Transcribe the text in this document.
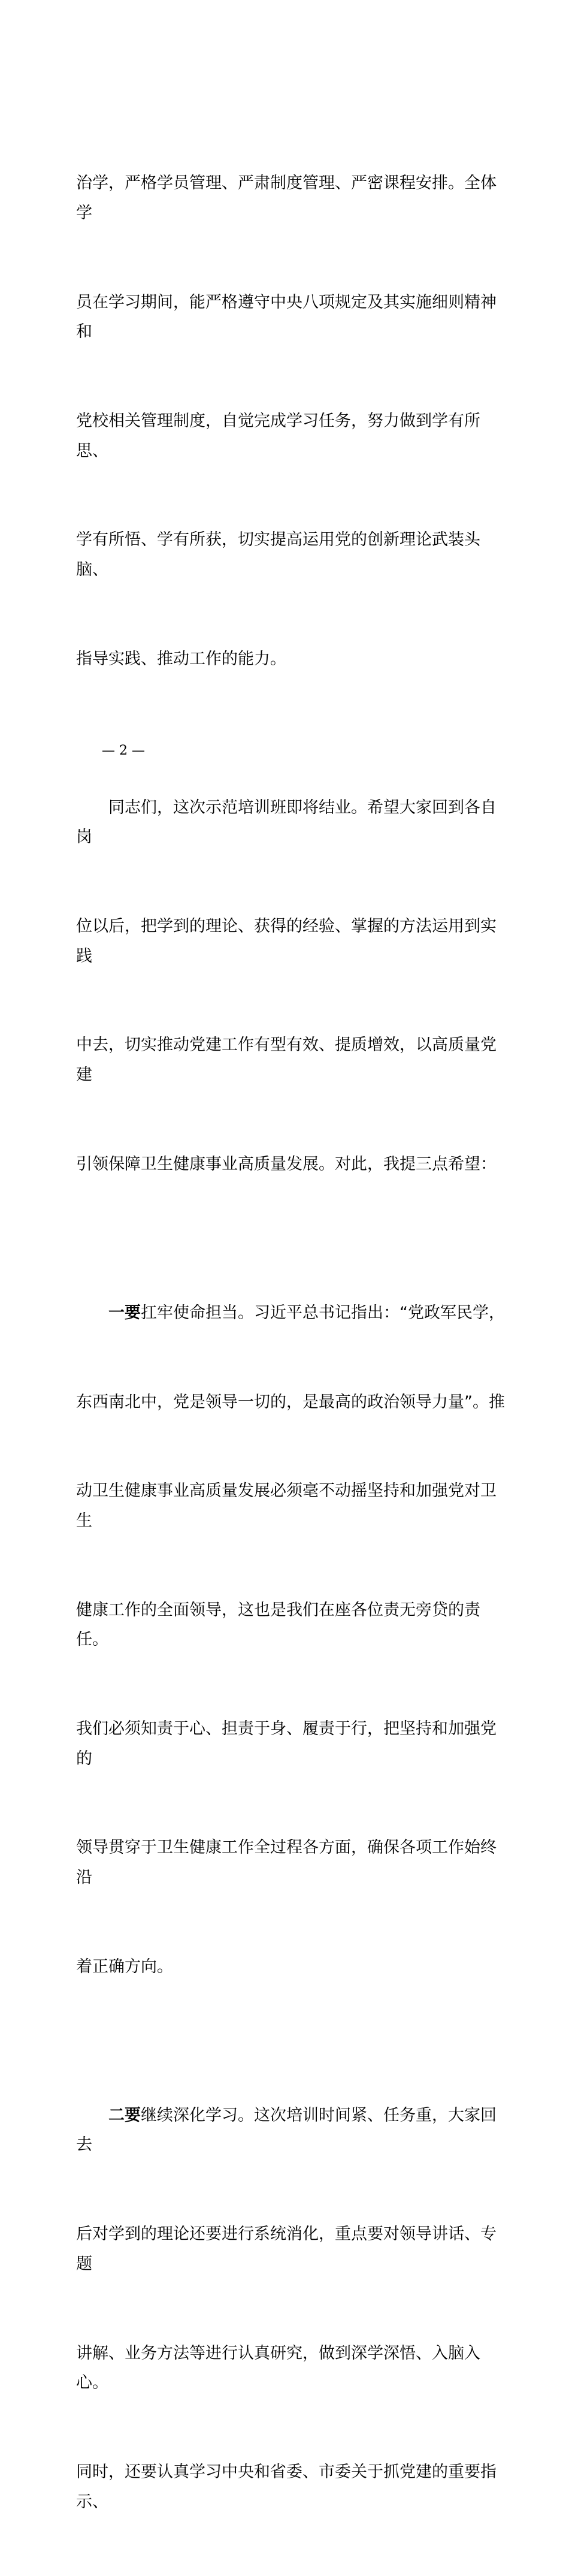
治学，严格学员管理、严肃制度管理、严密课程安排。全体学

员在学习期间，能严格遵守中央八项规定及其实施细则精神和

党校相关管理制度，自觉完成学习任务，努力做到学有所思、

学有所悟、学有所获，切实提高运用党的创新理论武装头脑、

指导实践、推动工作的能力。

同志们，这次示范培训班即将结业。希望大家回到各自岗

位以后，把学到的理论、获得的经验、掌握的方法运用到实践

中去，切实推动党建工作有型有效、提质增效，以高质量党建

引领保障卫生健康事业高质量发展。对此，我提三点希望：

一要扛牢使命担当。习近平总书记指出：“党政军民学，

东西南北中，党是领导一切的，是最高的政治领导力量”。推

动卫生健康事业高质量发展必须毫不动摇坚持和加强党对卫生

健康工作的全面领导，这也是我们在座各位责无旁贷的责任。

我们必须知责于心、担责于身、履责于行，把坚持和加强党的

领导贯穿于卫生健康工作全过程各方面，确保各项工作始终沿

着正确方向。

二要继续深化学习。这次培训时间紧、任务重，大家回去

后对学到的理论还要进行系统消化，重点要对领导讲话、专题

讲解、业务方法等进行认真研究，做到深学深悟、入脑入心。

同时，还要认真学习中央和省委、市委关于抓党建的重要指示、

— 2 —
